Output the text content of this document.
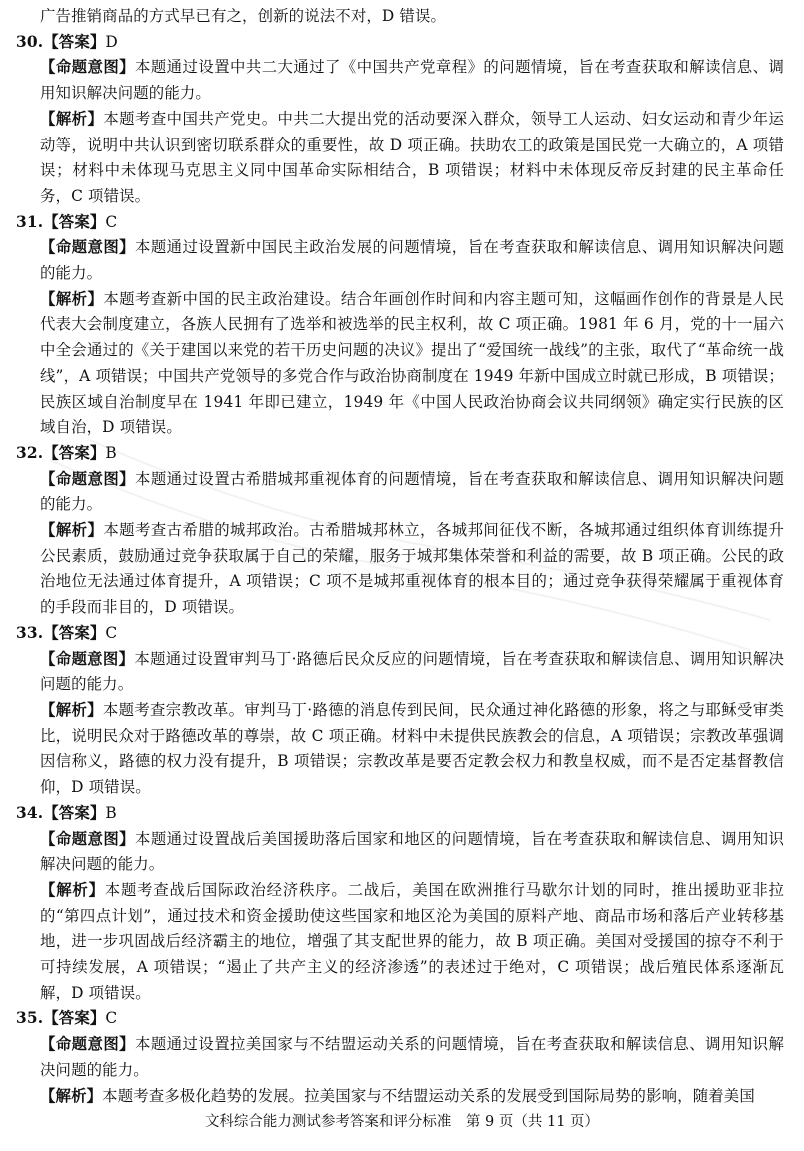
广告推销商品的方式早已有之，创新的说法不对，D 错误。

30.【答案】D

【命题意图】本题通过设置中共二大通过了《中国共产党章程》的问题情境，旨在考查获取和解读信息、调用知识解决问题的能力。

【解析】本题考查中国共产党史。中共二大提出党的活动要深入群众，领导工人运动、妇女运动和青少年运动等，说明中共认识到密切联系群众的重要性，故 D 项正确。扶助农工的政策是国民党一大确立的，A 项错误；材料中未体现马克思主义同中国革命实际相结合，B 项错误；材料中未体现反帝反封建的民主革命任务，C 项错误。

31.【答案】C

【命题意图】本题通过设置新中国民主政治发展的问题情境，旨在考查获取和解读信息、调用知识解决问题的能力。

【解析】本题考查新中国的民主政治建设。结合年画创作时间和内容主题可知，这幅画作创作的背景是人民代表大会制度建立，各族人民拥有了选举和被选举的民主权利，故 C 项正确。1981 年 6 月，党的十一届六中全会通过的《关于建国以来党的若干历史问题的决议》提出了“爱国统一战线”的主张，取代了“革命统一战线”，A 项错误；中国共产党领导的多党合作与政治协商制度在 1949 年新中国成立时就已形成，B 项错误；民族区域自治制度早在 1941 年即已建立，1949 年《中国人民政治协商会议共同纲领》确定实行民族的区域自治，D 项错误。

32.【答案】B

【命题意图】本题通过设置古希腊城邦重视体育的问题情境，旨在考查获取和解读信息、调用知识解决问题的能力。

【解析】本题考查古希腊的城邦政治。古希腊城邦林立，各城邦间征伐不断，各城邦通过组织体育训练提升公民素质，鼓励通过竞争获取属于自己的荣耀，服务于城邦集体荣誉和利益的需要，故 B 项正确。公民的政治地位无法通过体育提升，A 项错误；C 项不是城邦重视体育的根本目的；通过竞争获得荣耀属于重视体育的手段而非目的，D 项错误。

33.【答案】C

【命题意图】本题通过设置审判马丁·路德后民众反应的问题情境，旨在考查获取和解读信息、调用知识解决问题的能力。

【解析】本题考查宗教改革。审判马丁·路德的消息传到民间，民众通过神化路德的形象，将之与耶稣受审类比，说明民众对于路德改革的尊崇，故 C 项正确。材料中未提供民族教会的信息，A 项错误；宗教改革强调因信称义，路德的权力没有提升，B 项错误；宗教改革是要否定教会权力和教皇权威，而不是否定基督教信仰，D 项错误。

34.【答案】B

【命题意图】本题通过设置战后美国援助落后国家和地区的问题情境，旨在考查获取和解读信息、调用知识解决问题的能力。

【解析】本题考查战后国际政治经济秩序。二战后，美国在欧洲推行马歇尔计划的同时，推出援助亚非拉的“第四点计划”，通过技术和资金援助使这些国家和地区沦为美国的原料产地、商品市场和落后产业转移基地，进一步巩固战后经济霸主的地位，增强了其支配世界的能力，故 B 项正确。美国对受援国的掠夺不利于可持续发展，A 项错误；“遏止了共产主义的经济渗透”的表述过于绝对，C 项错误；战后殖民体系逐渐瓦解，D 项错误。

35.【答案】C

【命题意图】本题通过设置拉美国家与不结盟运动关系的问题情境，旨在考查获取和解读信息、调用知识解决问题的能力。

【解析】本题考查多极化趋势的发展。拉美国家与不结盟运动关系的发展受到国际局势的影响，随着美国

文科综合能力测试参考答案和评分标准　第 9 页（共 11 页）
